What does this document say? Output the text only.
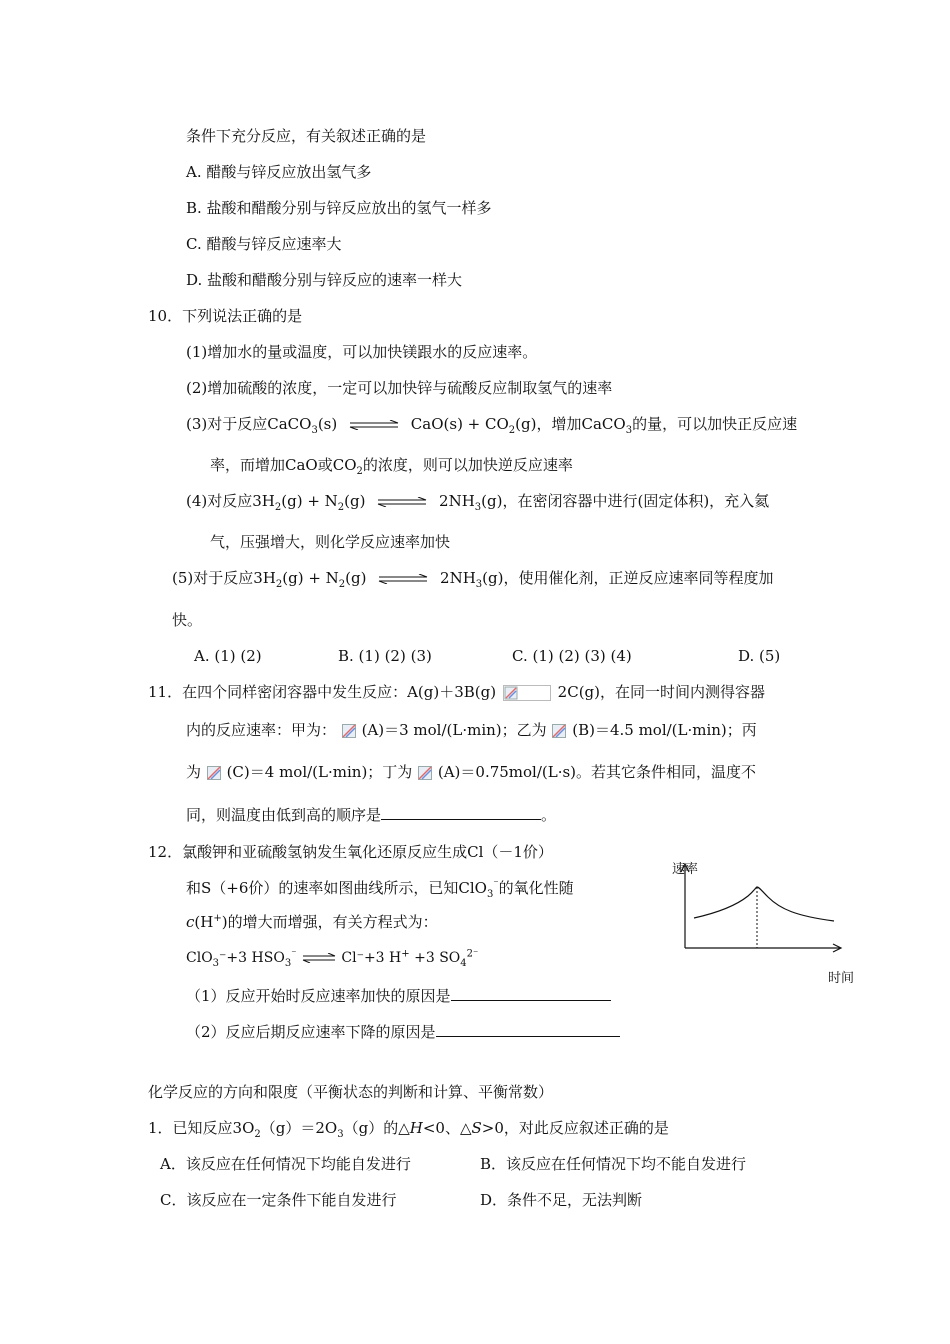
条件下充分反应，有关叙述正确的是
A. 醋酸与锌反应放出氢气多
B. 盐酸和醋酸分别与锌反应放出的氢气一样多
C. 醋酸与锌反应速率大
D. 盐酸和醋酸分别与锌反应的速率一样大
10．下列说法正确的是
(1)增加水的量或温度，可以加快镁跟水的反应速率。
(2)增加硫酸的浓度，一定可以加快锌与硫酸反应制取氢气的速率
(3)对于反应CaCO$_3$(s) ⇌ $CaO(s) + CO_2(g)$，增加CaCO$_3$的量，可以加快正反应速
率，而增加CaO或$CO_2$的浓度，则可以加快逆反应速率
(4)对反应$3H_2(g) + N_2(g)$ ⇌ $2NH_3(g)$，在密闭容器中进行(固定体积)，充入氦
气，压强增大，则化学反应速率加快
(5)对于反应$3H_2(g) + N_2(g)$ ⇌ $2NH_3(g)$，使用催化剂，正逆反应速率同等程度加
快。
A. (1) (2)	B. (1) (2) (3)	C. (1) (2) (3) (4)	D. (5)
11．在四个同样密闭容器中发生反应：A(g)＋3B(g)	2C(g)，在同一时间内测得容器
内的反应速率：甲为： (A)＝3 mol/(L·min)；乙为 (B)＝4.5 mol/(L·min)；丙
为 (C)＝4 mol/(L·min)；丁为 (A)＝0.75mol/(L·s)。若其它条件相同，温度不
同，则温度由低到高的顺序是	。
12．氯酸钾和亚硫酸氢钠发生氧化还原反应生成Cl（－1价）
和S（+6价）的速率如图曲线所示，已知ClO$_3$⁻的氧化性随
c(H+)的增大而增强，有关方程式为：
ClO$_3$⁻+3 $HSO_3^{^-}$ ⇌ Cl⁻+3 H+ +3 $SO_4^{2^-}$
（1）反应开始时反应速率加快的原因是
（2）反应后期反应速率下降的原因是
速率
时间
化学反应的方向和限度（平衡状态的判断和计算、平衡常数）
1．已知反应$3O_2(g)=2O_3(g)$的△H<0、△S>0，对此反应叙述正确的是
A．该反应在任何情况下均能自发进行	B．该反应在任何情况下均不能自发进行
C．该反应在一定条件下能自发进行	D．条件不足，无法判断
